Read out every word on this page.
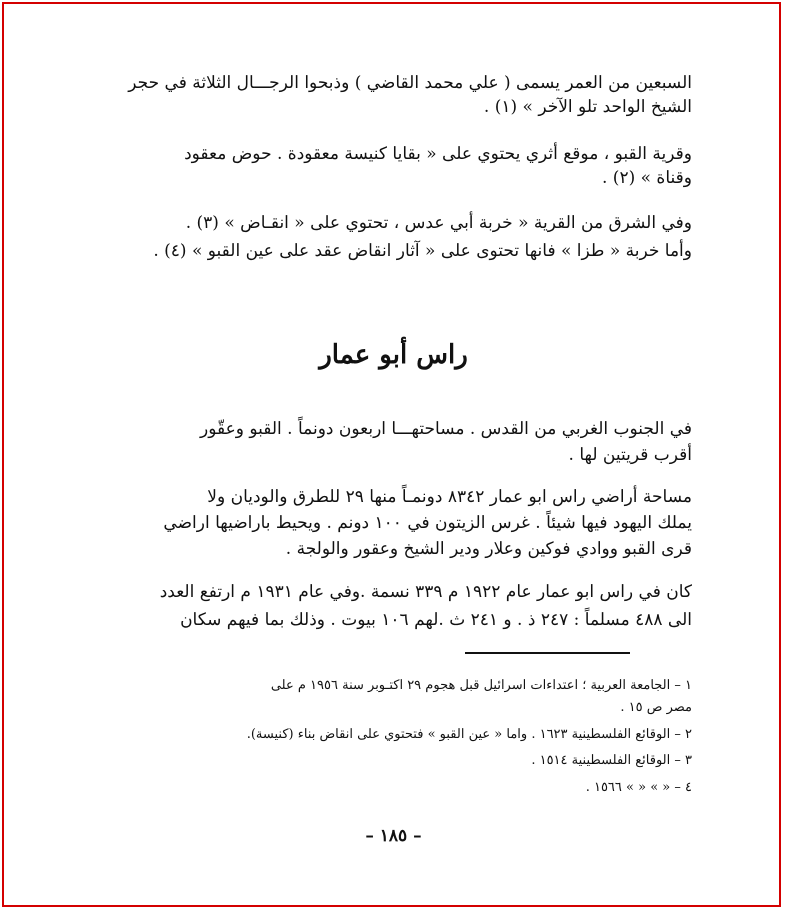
السبعين من العمر يسمى ( علي محمد القاضي ) وذبحوا الرجـــال الثلاثة في حجر
الشيخ الواحد تلو الآخر » (١) .
وقرية القبو ، موقع أثري يحتوي على « بقايا كنيسة معقودة . حوض معقود
وقناة » (٢) .
وفي الشرق من القرية « خربة أبي عدس ، تحتوي على « انقـاض » (٣) .
وأما خربة « طزا » فانها تحتوى على « آثار انقاض عقد على عين القبو » (٤) .
راس أبو عمار
في الجنوب الغربي من القدس . مساحتهـــا اربعون دونماً . القبو وعقّور
أقرب قريتين لها .
مساحة أراضي راس ابو عمار ٨٣٤٢ دونمـاً منها ٢٩ للطرق والوديان ولا
يملك اليهود فيها شيئاً . غرس الزيتون في ١٠٠ دونم . ويحيط باراضيها اراضي
قرى القبو ووادي فوكين وعلار ودير الشيخ وعقور والولجة .
كان في راس ابو عمار عام ١٩٢٢ م ٣٣٩ نسمة .وفي عام ١٩٣١ م ارتفع العدد
الى ٤٨٨ مسلماً : ٢٤٧ ذ . و ٢٤١ ث .لهم ١٠٦ بيوت . وذلك بما فيهم سكان
١ – الجامعة العربية ؛ اعتداءات اسرائيل قبل هجوم ٢٩ اكتـوبر سنة ١٩٥٦ م على
مصر ص ١٥ .
٢ – الوقائع الفلسطينية ١٦٢٣ . واما « عين القبو » فتحتوي على انقاض بناء (كنيسة).
٣ – الوقائع الفلسطينية ١٥١٤ .
٤ – « » « » ١٥٦٦ .
– ١٨٥ –
